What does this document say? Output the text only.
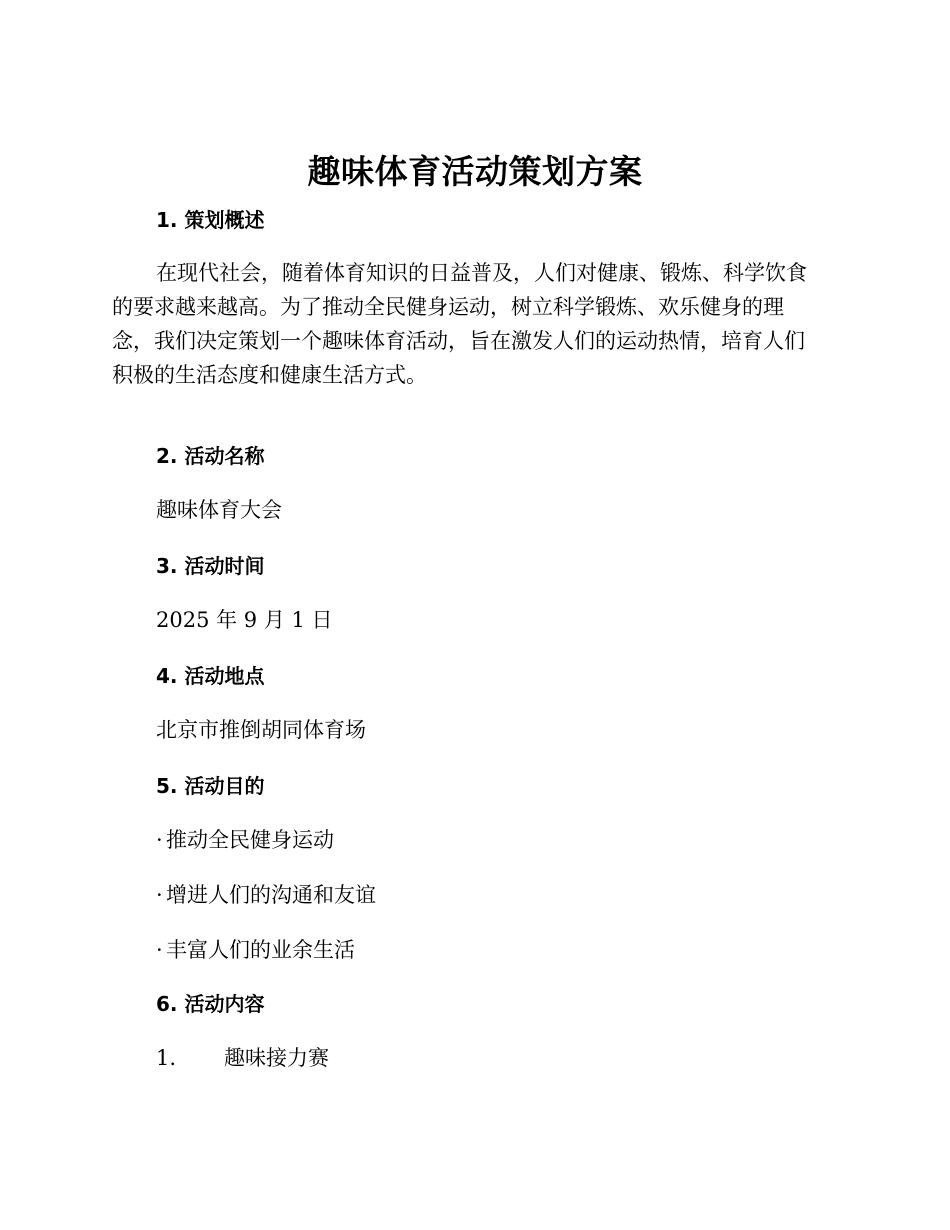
趣味体育活动策划方案
1. 策划概述
在现代社会，随着体育知识的日益普及，人们对健康、锻炼、科学饮食
的要求越来越高。为了推动全民健身运动，树立科学锻炼、欢乐健身的理
念，我们决定策划一个趣味体育活动，旨在激发人们的运动热情，培育人们
积极的生活态度和健康生活方式。
2. 活动名称
趣味体育大会
3. 活动时间
2025 年 9 月 1 日
4. 活动地点
北京市推倒胡同体育场
5. 活动目的
· 推动全民健身运动
· 增进人们的沟通和友谊
· 丰富人们的业余生活
6. 活动内容
1. 趣味接力赛
